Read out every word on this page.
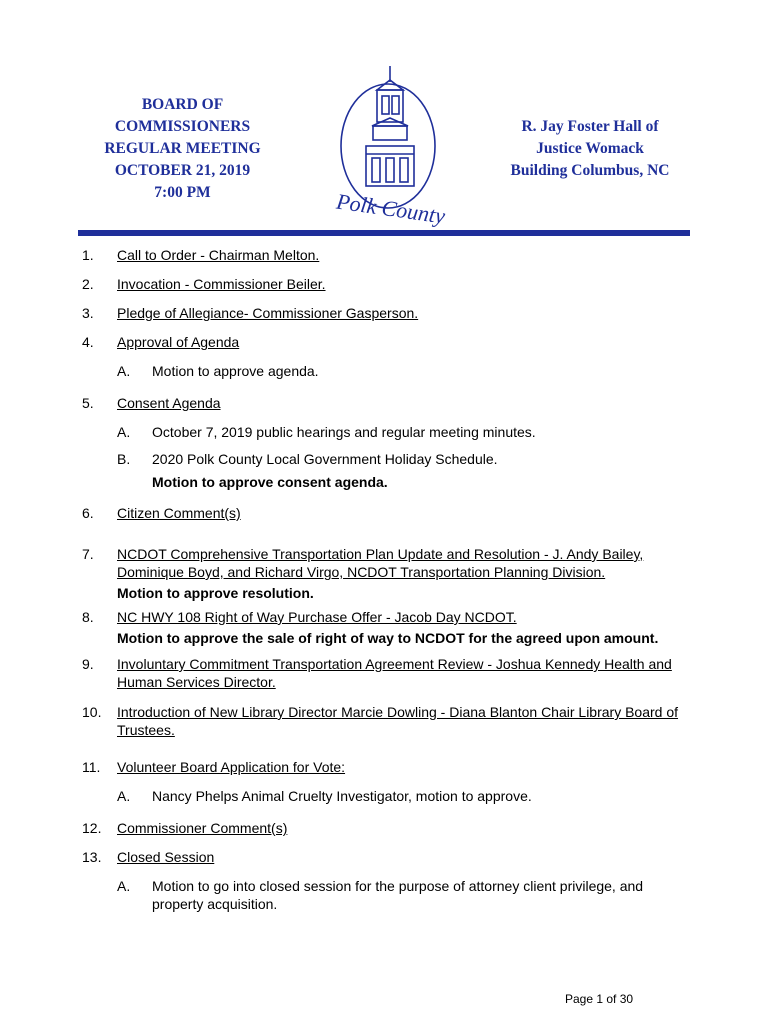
BOARD OF
COMMISSIONERS
REGULAR MEETING
OCTOBER 21, 2019
7:00 PM	Polk County
R. Jay Foster Hall of
Justice Womack
Building Columbus, NC
1. Call to Order - Chairman Melton.
2. Invocation - Commissioner Beiler.
3. Pledge of Allegiance- Commissioner Gasperson.
4. Approval of Agenda
A. Motion to approve agenda.
5. Consent Agenda
A. October 7, 2019 public hearings and regular meeting minutes.
B. 2020 Polk County Local Government Holiday Schedule.
Motion to approve consent agenda.
6. Citizen Comment(s)
7. NCDOT Comprehensive Transportation Plan Update and Resolution - J. Andy Bailey, Dominique Boyd, and Richard Virgo, NCDOT Transportation Planning Division.
Motion to approve resolution.
8. NC HWY 108 Right of Way Purchase Offer - Jacob Day NCDOT.
Motion to approve the sale of right of way to NCDOT for the agreed upon amount.
9. Involuntary Commitment Transportation Agreement Review - Joshua Kennedy Health and Human Services Director.
10. Introduction of New Library Director Marcie Dowling - Diana Blanton Chair Library Board of Trustees.
11. Volunteer Board Application for Vote:
A. Nancy Phelps Animal Cruelty Investigator, motion to approve.
12. Commissioner Comment(s)
13. Closed Session
A. Motion to go into closed session for the purpose of attorney client privilege, and property acquisition.
Page 1 of 30
